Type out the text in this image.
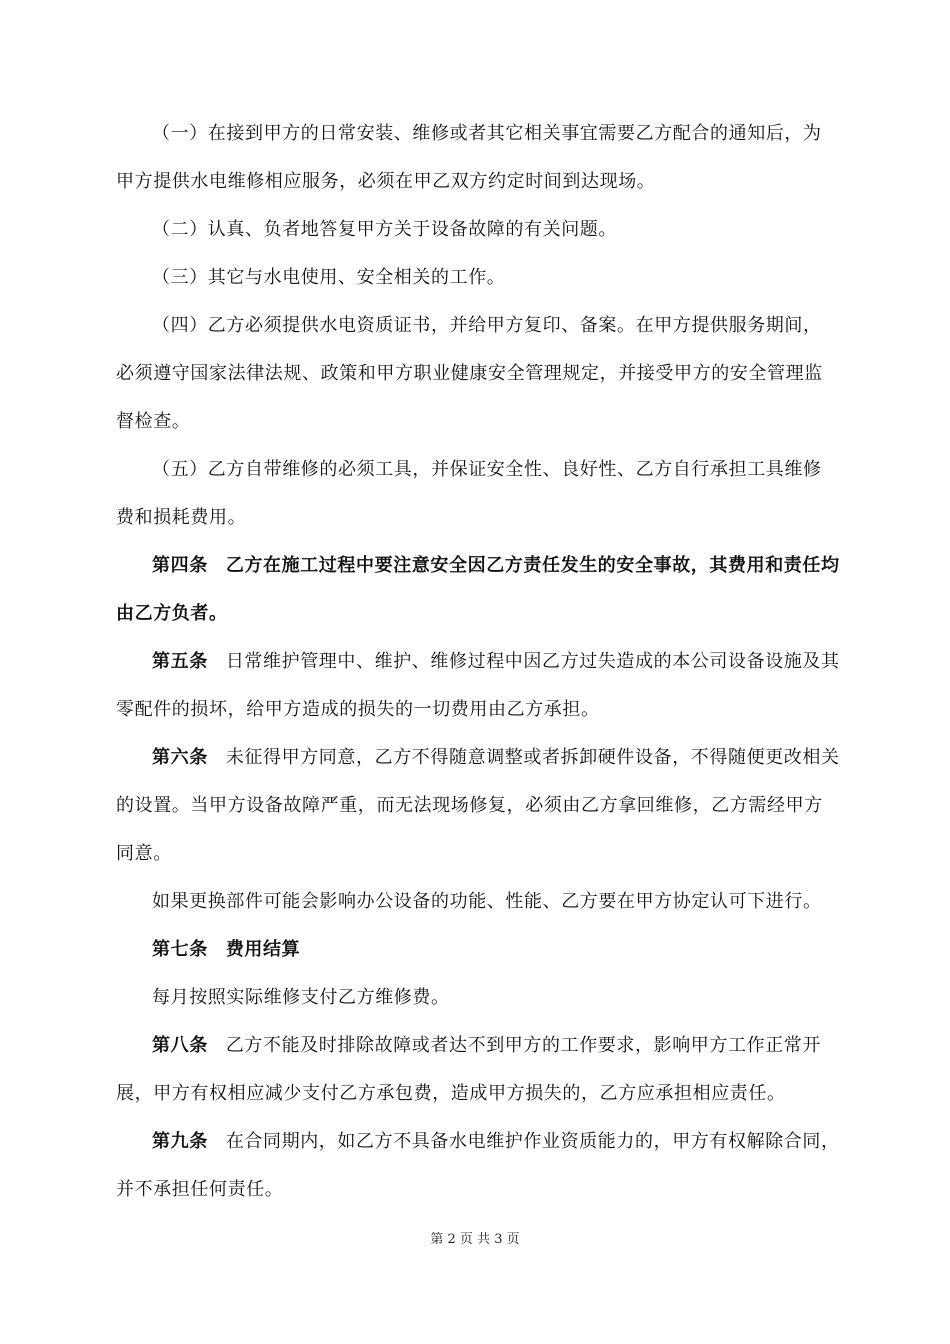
（一）在接到甲方的日常安装、维修或者其它相关事宜需要乙方配合的通知后，为甲方提供水电维修相应服务，必须在甲乙双方约定时间到达现场。

（二）认真、负者地答复甲方关于设备故障的有关问题。

（三）其它与水电使用、安全相关的工作。

（四）乙方必须提供水电资质证书，并给甲方复印、备案。在甲方提供服务期间，必须遵守国家法律法规、政策和甲方职业健康安全管理规定，并接受甲方的安全管理监督检查。

（五）乙方自带维修的必须工具，并保证安全性、良好性、乙方自行承担工具维修费和损耗费用。

第四条 乙方在施工过程中要注意安全因乙方责任发生的安全事故，其费用和责任均由乙方负者。

第五条 日常维护管理中、维护、维修过程中因乙方过失造成的本公司设备设施及其零配件的损坏，给甲方造成的损失的一切费用由乙方承担。

第六条 未征得甲方同意，乙方不得随意调整或者拆卸硬件设备，不得随便更改相关的设置。当甲方设备故障严重，而无法现场修复，必须由乙方拿回维修，乙方需经甲方同意。

如果更换部件可能会影响办公设备的功能、性能、乙方要在甲方协定认可下进行。

第七条 费用结算

每月按照实际维修支付乙方维修费。

第八条 乙方不能及时排除故障或者达不到甲方的工作要求，影响甲方工作正常开展，甲方有权相应减少支付乙方承包费，造成甲方损失的，乙方应承担相应责任。

第九条 在合同期内，如乙方不具备水电维护作业资质能力的，甲方有权解除合同，并不承担任何责任。

第 2 页 共 3 页
